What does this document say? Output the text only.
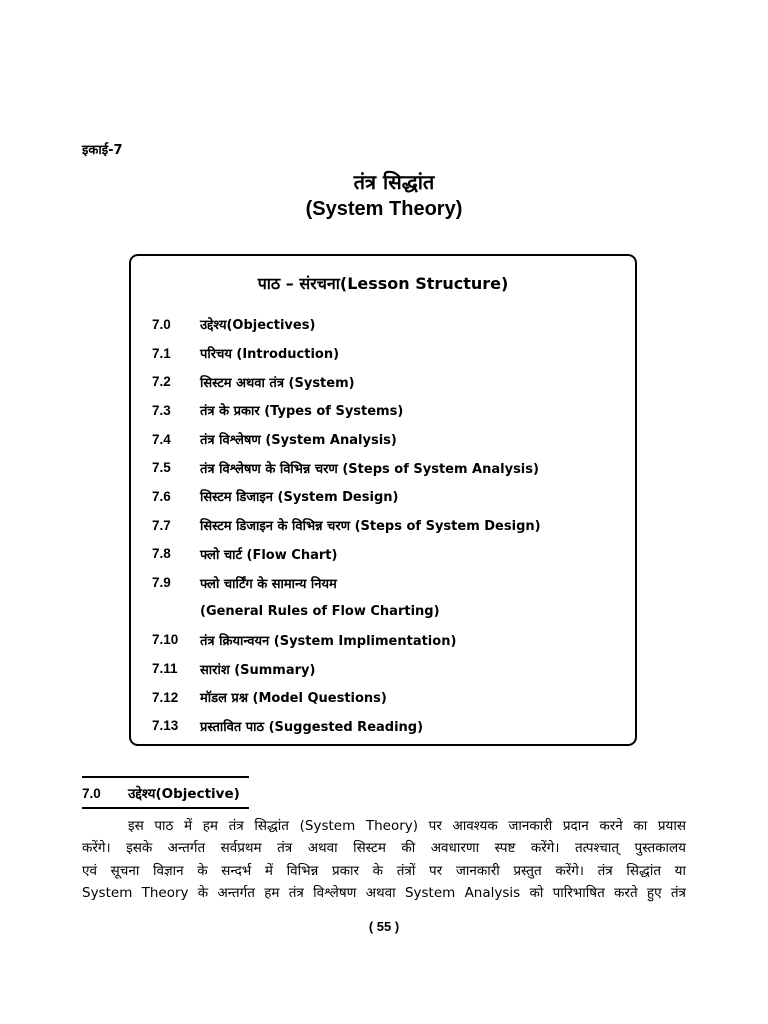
इकाई-7
तंत्र सिद्धांत
(System Theory)
पाठ – संरचना(Lesson Structure)
7.0	उद्देश्य(Objectives)
7.1	परिचय (Introduction)
7.2	सिस्टम अथवा तंत्र (System)
7.3	तंत्र के प्रकार (Types of Systems)
7.4	तंत्र विश्लेषण (System Analysis)
7.5	तंत्र विश्लेषण के विभिन्न चरण (Steps of System Analysis)
7.6	सिस्टम डिजाइन (System Design)
7.7	सिस्टम डिजाइन के विभिन्न चरण (Steps of System Design)
7.8	फ्लो चार्ट (Flow Chart)
7.9	फ्लो चार्टिंग के सामान्य नियम
(General Rules of Flow Charting)
7.10	तंत्र क्रियान्वयन (System Implimentation)
7.11	सारांश (Summary)
7.12	मॉडल प्रश्न (Model Questions)
7.13	प्रस्तावित पाठ (Suggested Reading)
7.0 उद्देश्य(Objective)
इस पाठ में हम तंत्र सिद्धांत (System Theory) पर आवश्यक जानकारी प्रदान करने का प्रयास
करेंगे। इसके अन्तर्गत सर्वप्रथम तंत्र अथवा सिस्टम की अवधारणा स्पष्ट करेंगे। तत्पश्चात् पुस्तकालय
एवं सूचना विज्ञान के सन्दर्भ में विभिन्न प्रकार के तंत्रों पर जानकारी प्रस्तुत करेंगे। तंत्र सिद्धांत या
System Theory के अन्तर्गत हम तंत्र विश्लेषण अथवा System Analysis को पारिभाषित करते हुए तंत्र
( 55 )
